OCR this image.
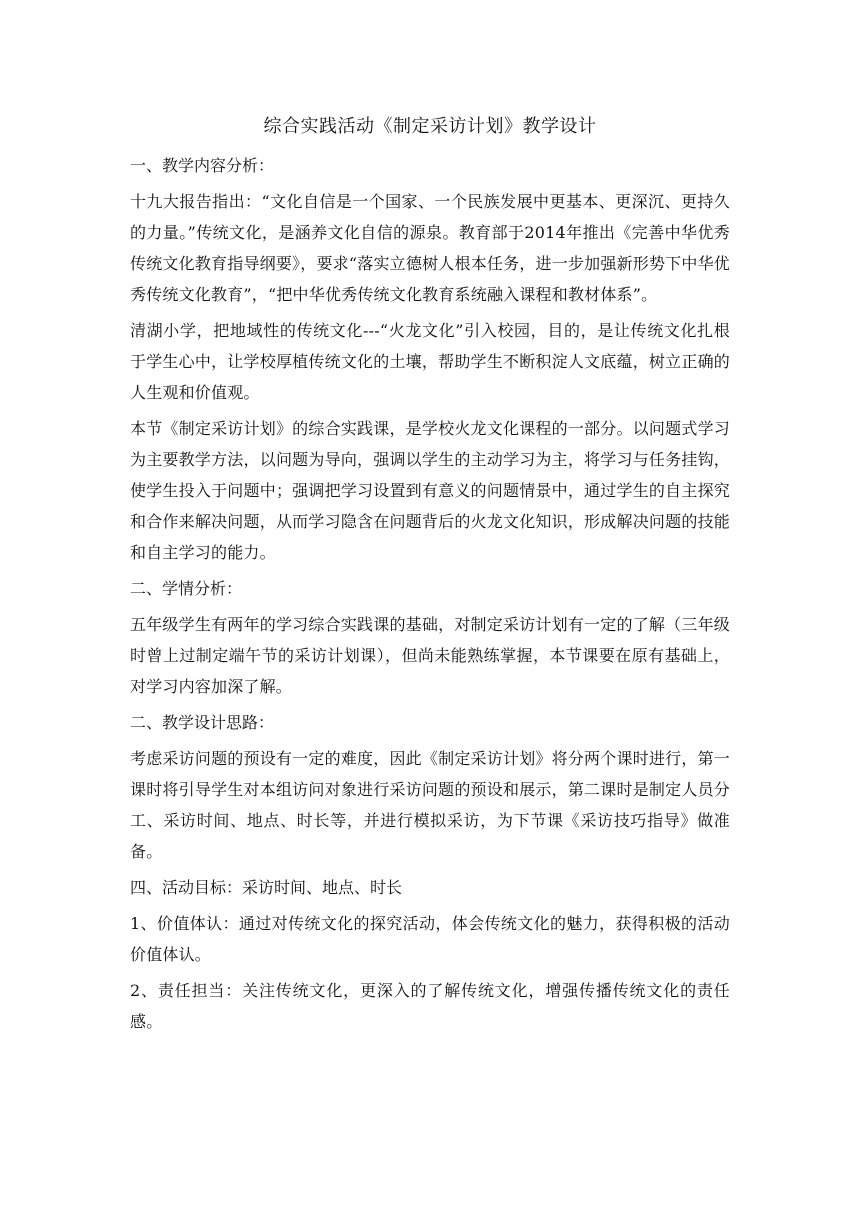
综合实践活动《制定采访计划》教学设计
一、教学内容分析：
十九大报告指出：“文化自信是一个国家、一个民族发展中更基本、更深沉、更持久的力量。”传统文化，是涵养文化自信的源泉。教育部于2014年推出《完善中华优秀传统文化教育指导纲要》，要求“落实立德树人根本任务，进一步加强新形势下中华优秀传统文化教育”，“把中华优秀传统文化教育系统融入课程和教材体系”。
清湖小学，把地域性的传统文化---“火龙文化”引入校园，目的，是让传统文化扎根于学生心中，让学校厚植传统文化的土壤，帮助学生不断积淀人文底蕴，树立正确的人生观和价值观。
本节《制定采访计划》的综合实践课，是学校火龙文化课程的一部分。以问题式学习为主要教学方法，以问题为导向，强调以学生的主动学习为主，将学习与任务挂钩，使学生投入于问题中；强调把学习设置到有意义的问题情景中，通过学生的自主探究和合作来解决问题，从而学习隐含在问题背后的火龙文化知识，形成解决问题的技能和自主学习的能力。
二、学情分析：
五年级学生有两年的学习综合实践课的基础，对制定采访计划有一定的了解（三年级时曾上过制定端午节的采访计划课），但尚未能熟练掌握，本节课要在原有基础上，对学习内容加深了解。
二、教学设计思路：
考虑采访问题的预设有一定的难度，因此《制定采访计划》将分两个课时进行，第一课时将引导学生对本组访问对象进行采访问题的预设和展示，第二课时是制定人员分工、采访时间、地点、时长等，并进行模拟采访，为下节课《采访技巧指导》做准备。
四、活动目标：采访时间、地点、时长
1、价值体认：通过对传统文化的探究活动，体会传统文化的魅力，获得积极的活动价值体认。
2、责任担当：关注传统文化，更深入的了解传统文化，增强传播传统文化的责任感。
